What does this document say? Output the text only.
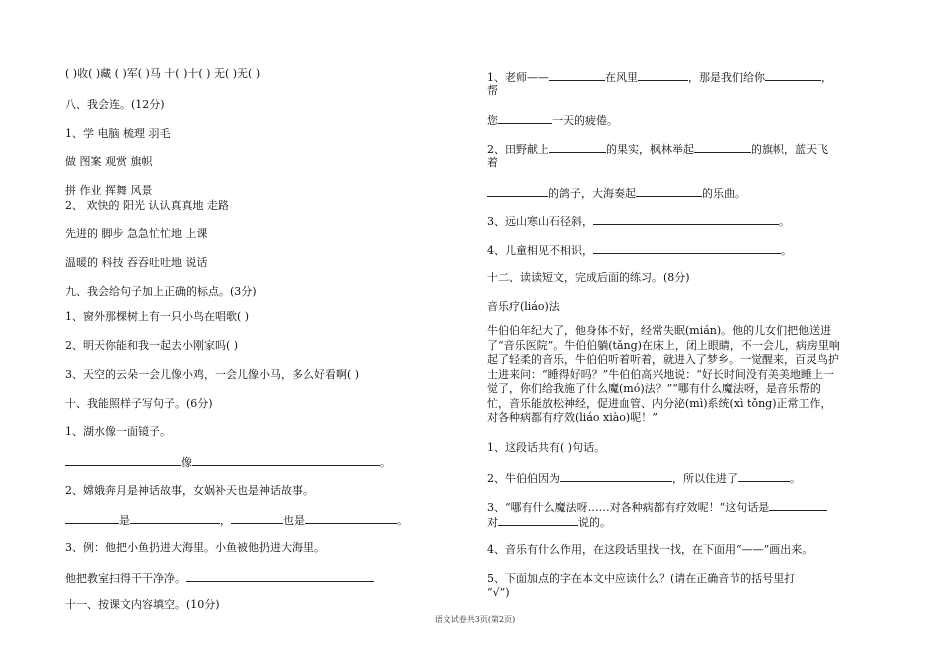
( )收( )藏 ( )军( )马 十( )十( ) 无( )无( )
八、我会连。(12分)
1、学 电脑 梳理 羽毛
做 图案 观赏 旗帜
拼 作业 挥舞 风景
2、 欢快的 阳光 认认真真地 走路
先进的 脚步 急急忙忙地 上课
温暖的 科技 吞吞吐吐地 说话
九、我会给句子加上正确的标点。(3分)
1、窗外那棵树上有一只小鸟在唱歌( )
2、明天你能和我一起去小刚家吗( )
3、天空的云朵一会儿像小鸡，一会儿像小马，多么好看啊( )
十、我能照样子写句子。(6分)
1、湖水像一面镜子。
像	。
2、嫦娥奔月是神话故事，女娲补天也是神话故事。
是	，	也是	。
3、例：他把小鱼扔进大海里。小鱼被他扔进大海里。
他把教室扫得干干净净。
十一、按课文内容填空。(10分)
1、老师——	在风里	，那是我们给你	，
帮
您	一天的疲倦。
2、田野献上	的果实，枫林举起	的旗帜，蓝天飞
着
的鸽子，大海奏起	的乐曲。
3、远山寒山石径斜，	。
4、儿童相见不相识，	。
十二、读读短文，完成后面的练习。(8分)
音乐疗(liáo)法
牛伯伯年纪大了，他身体不好，经常失眠(mián)。他的儿女们把他送进了“音乐医院”。牛伯伯躺(tǎng)在床上，闭上眼睛，不一会儿，病房里响起了轻柔的音乐，牛伯伯听着听着，就进入了梦乡。一觉醒来，百灵鸟护士进来问：“睡得好吗？”牛伯伯高兴地说：“好长时间没有美美地睡上一觉了，你们给我施了什么魔(mó)法？”“哪有什么魔法呀，是音乐帮的忙，音乐能放松神经，促进血管、内分泌(mì)系统(xì tǒng)正常工作，对各种病都有疗效(liáo xiào)呢！”
1、这段话共有( )句话。
2、牛伯伯因为	，所以住进了	。
3、“哪有什么魔法呀……对各种病都有疗效呢！”这句话是
对	说的。
4、音乐有什么作用，在这段话里找一找，在下面用“——”画出来。
5、下面加点的字在本文中应读什么？(请在正确音节的括号里打
“√”)
语文试卷共3页(第2页)
